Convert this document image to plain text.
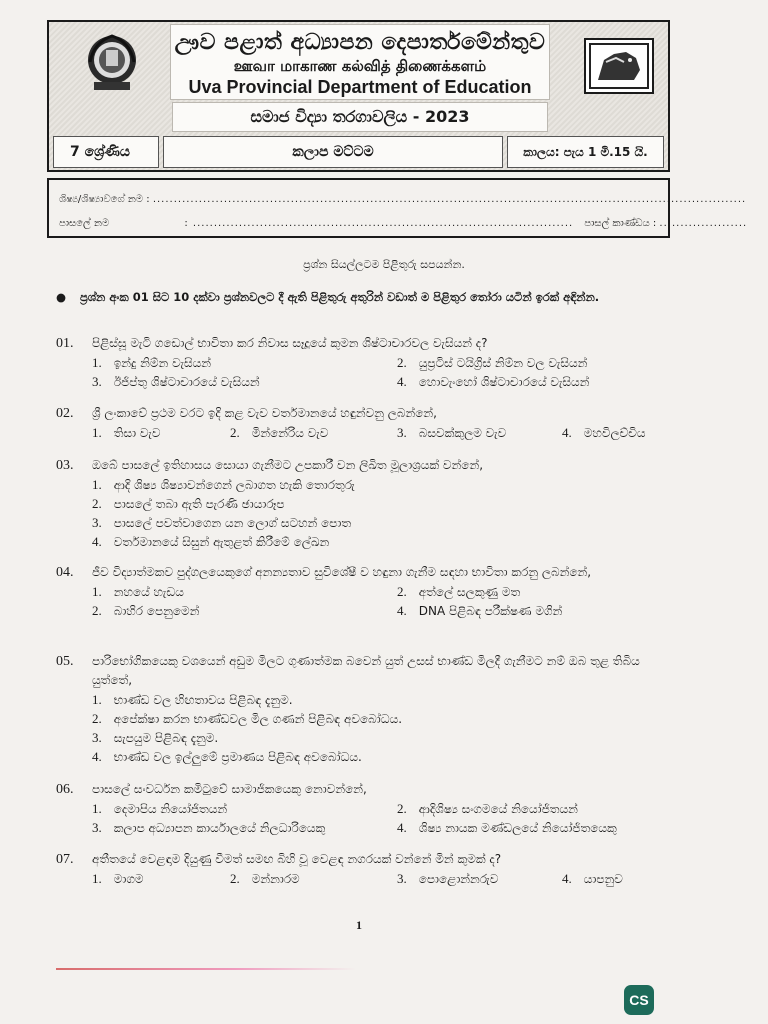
ඌව පළාත් අධ්‍යාපන දෙපාර්තමේන්තුව
ஊவா மாகாண கல்வித் திணைக்களம்
Uva Provincial Department of Education
සමාජ විද්‍යා තරගාවලිය - 2023
7 ශ්‍රේණිය	කලාප මට්ටම	කාලය: පැය 1 මි.15 යි.
ශිෂ්‍ය/ශිෂ්‍යාවගේ නම : ..............................................................................................................................................
පාසලේ නම	: ........................................................................................... පාසල් කාණ්ඩය : .....................
ප්‍රශ්න සියල්ලටම පිළිතුරු සපයන්න.
●	ප්‍රශ්න අංක 01 සිට 10 දක්වා ප්‍රශ්නවලට දී ඇති පිළිතුරු අතුරින් වඩාත් ම පිළිතුර තෝරා යටින් ඉරක් අඳින්න.
01.	පිළිස්සූ මැටි ගඩොල් භාවිතා කර නිවාස සෑදූයේ කුමන ශිෂ්ටාචාරවල වැසියන් ද?
1. ඉන්දු නිම්න වැසියන්	2. යුප්‍රටිස් ටයිග්‍රිස් නිම්න වල වැසියන්
3. ඊජිප්තු ශිෂ්ටාචාරයේ වැසියන්	4. හොවැංහෝ ශිෂ්ටාචාරයේ වැසියන්
02.	ශ්‍රී ලංකාවේ ප්‍රථම වරට ඉදි කළ වැව වර්තමානයේ හඳුන්වනු ලබන්නේ,
1. තිසා වැව	2. මින්නේරිය වැව	3. බසවක්කුලම වැව	4. මහවිලච්චිය
03.	ඔබේ පාසලේ ඉතිහාසය සොයා ගැනීමට උපකාරී වන ලිඛිත මූලාශ්‍රයක් වන්නේ,
1. ආදි ශිෂ්‍ය ශිෂ්‍යාවන්ගෙන් ලබාගත හැකි තොරතුරු
2. පාසලේ තබා ඇති පැරණි ඡායාරූප
3. පාසලේ පවත්වාගෙන යන ලොග් සටහන් පොත
4. වර්තමානයේ සිසුන් ඇතුළත් කිරීමේ ලේඛන
04.	ජීව විද්‍යාත්මකව පුද්ගලයෙකුගේ අනන්‍යතාව සුවිශේෂී ව හඳුනා ගැනීම සඳහා භාවිතා කරනු ලබන්නේ,
1. නහයේ හැඩය	2. අත්ලේ සලකුණු මත
2. බාහිර පෙනුමෙන්	4. DNA පිළිබඳ පරීක්ෂණ මගින්
05.	පාරිභෝගිකයෙකු වශයෙන් අඩුම මිලට ගුණාත්මක බවෙන් යුත් උසස් භාණ්ඩ මිලදී ගැනීමට නම් ඔබ තුළ තිබිය යුත්තේ,
1. භාණ්ඩ වල හිඟතාවය පිළිබඳ දැනුම.
2. අපේක්ෂා කරන භාණ්ඩවල මිල ගණන් පිළිබඳ අවබෝධය.
3. සැපයුම පිළිබඳ දැනුම.
4. භාණ්ඩ වල ඉල්ලුමේ ප්‍රමාණය පිළිබඳ අවබෝධය.
06.	පාසලේ සංවර්ධන කමිටුවේ සාමාජිකයෙකු නොවන්නේ,
1. දෙමාපිය නියෝජිතයන්	2. ආදිශිෂ්‍ය සංගමයේ නියෝජිතයන්
3. කලාප අධ්‍යාපන කාර්යාලයේ නිලධාරියෙකු	4. ශිෂ්‍ය නායක මණ්ඩලයේ නියෝජිතයෙකු
07.	අතීතයේ වෙළඳාම දියුණු වීමත් සමඟ බිහි වූ වෙළඳ නගරයක් වන්නේ මින් කුමක් ද?
1. මාගම	2. මන්නාරම	3. පොළොන්නරුව	4. යාපනුව
1
CS
